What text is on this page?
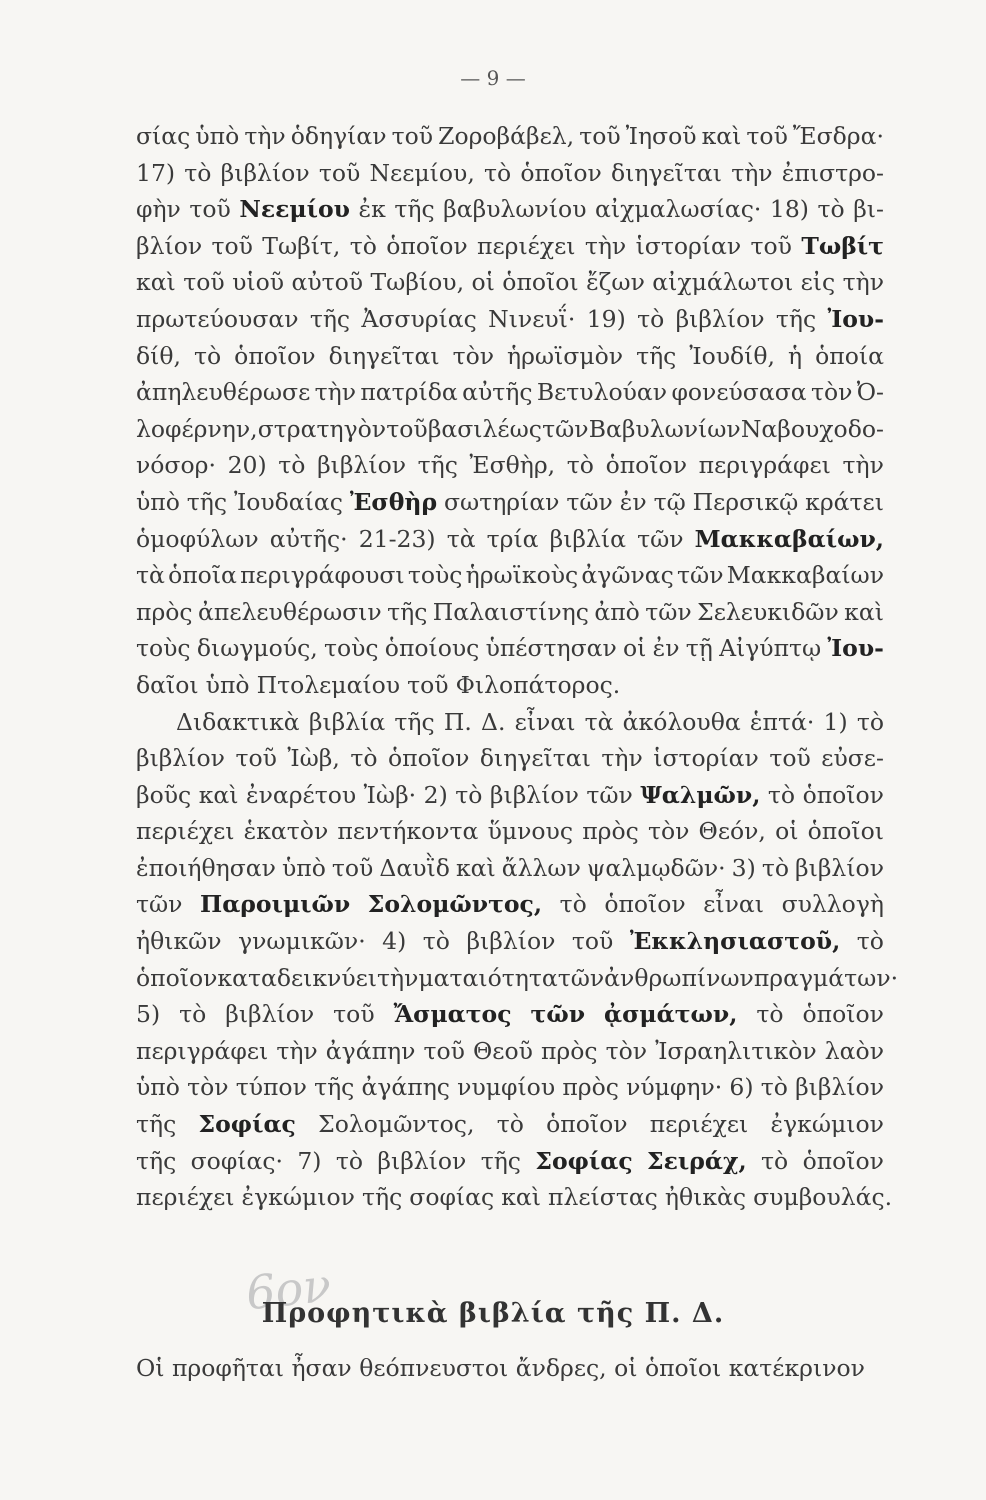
— 9 —
σίας ὑπὸ τὴν ὁδηγίαν τοῦ Ζοροβάβελ, τοῦ Ἰησοῦ καὶ τοῦ Ἔσδρα·
17) τὸ βιβλίον τοῦ Νεεμίου, τὸ ὁποῖον διηγεῖται τὴν ἐπιστρο-
φὴν τοῦ Νεεμίου ἐκ τῆς βαβυλωνίου αἰχμαλωσίας· 18) τὸ βι-
βλίον τοῦ Τωβίτ, τὸ ὁποῖον περιέχει τὴν ἱστορίαν τοῦ Τωβίτ
καὶ τοῦ υἱοῦ αὐτοῦ Τωβίου, οἱ ὁποῖοι ἔζων αἰχμάλωτοι εἰς τὴν
πρωτεύουσαν τῆς Ἀσσυρίας Νινευΐ· 19) τὸ βιβλίον τῆς Ἰου-
δίθ, τὸ ὁποῖον διηγεῖται τὸν ἡρωϊσμὸν τῆς Ἰουδίθ, ἡ ὁποία
ἀπηλευθέρωσε τὴν πατρίδα αὐτῆς Βετυλούαν φονεύσασα τὸν Ὀ-
λοφέρνην, στρατηγὸν τοῦ βασιλέως τῶν Βαβυλωνίων Ναβουχοδο-
νόσορ· 20) τὸ βιβλίον τῆς Ἐσθὴρ, τὸ ὁποῖον περιγράφει τὴν
ὑπὸ τῆς Ἰουδαίας Ἐσθὴρ σωτηρίαν τῶν ἐν τῷ Περσικῷ κράτει
ὁμοφύλων αὐτῆς· 21-23) τὰ τρία βιβλία τῶν Μακκαβαίων,
τὰ ὁποῖα περιγράφουσι τοὺς ἡρωϊκοὺς ἀγῶνας τῶν Μακκαβαίων
πρὸς ἀπελευθέρωσιν τῆς Παλαιστίνης ἀπὸ τῶν Σελευκιδῶν καὶ
τοὺς διωγμούς, τοὺς ὁποίους ὑπέστησαν οἱ ἐν τῇ Αἰγύπτῳ Ἰου-
δαῖοι ὑπὸ Πτολεμαίου τοῦ Φιλοπάτορος.
Διδακτικὰ βιβλία τῆς Π. Δ. εἶναι τὰ ἀκόλουθα ἑπτά· 1) τὸ
βιβλίον τοῦ Ἰὼβ, τὸ ὁποῖον διηγεῖται τὴν ἱστορίαν τοῦ εὐσε-
βοῦς καὶ ἐναρέτου Ἰὼβ· 2) τὸ βιβλίον τῶν Ψαλμῶν, τὸ ὁποῖον
περιέχει ἑκατὸν πεντήκοντα ὕμνους πρὸς τὸν Θεόν, οἱ ὁποῖοι
ἐποιήθησαν ὑπὸ τοῦ Δαυῒδ καὶ ἄλλων ψαλμῳδῶν· 3) τὸ βιβλίον
τῶν Παροιμιῶν Σολομῶντος, τὸ ὁποῖον εἶναι συλλογὴ
ἠθικῶν γνωμικῶν· 4) τὸ βιβλίον τοῦ Ἐκκλησιαστοῦ, τὸ
ὁποῖον καταδεικνύει τὴν ματαιότητα τῶν ἀνθρωπίνων πραγμάτων·
5) τὸ βιβλίον τοῦ Ἄσματος τῶν ᾀσμάτων, τὸ ὁποῖον
περιγράφει τὴν ἀγάπην τοῦ Θεοῦ πρὸς τὸν Ἰσραηλιτικὸν λαὸν
ὑπὸ τὸν τύπον τῆς ἀγάπης νυμφίου πρὸς νύμφην· 6) τὸ βιβλίον
τῆς Σοφίας Σολομῶντος, τὸ ὁποῖον περιέχει ἐγκώμιον
τῆς σοφίας· 7) τὸ βιβλίον τῆς Σοφίας Σειράχ, τὸ ὁποῖον
περιέχει ἐγκώμιον τῆς σοφίας καὶ πλείστας ἠθικὰς συμβουλάς.
6ον
Προφητικὰ βιβλία τῆς Π. Δ.
Οἱ προφῆται ἦσαν θεόπνευστοι ἄνδρες, οἱ ὁποῖοι κατέκρινον
